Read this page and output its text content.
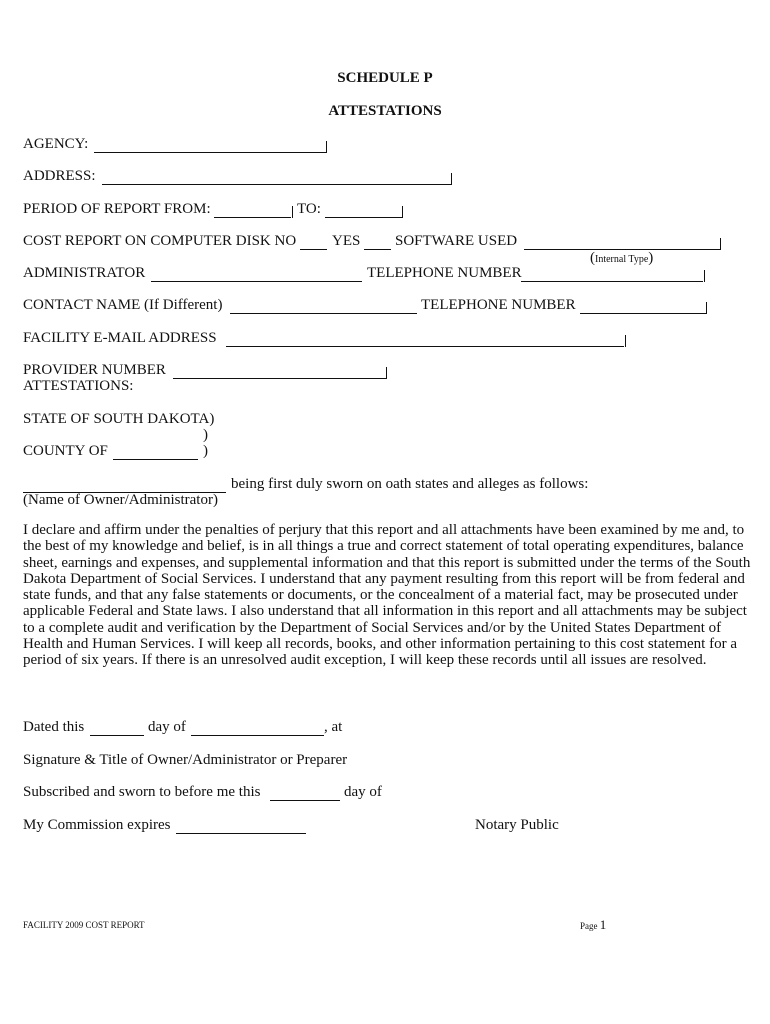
SCHEDULE P
ATTESTATIONS
AGENCY:
ADDRESS:
PERIOD OF REPORT FROM:	TO:
COST REPORT ON COMPUTER DISK NO YES SOFTWARE USED
(Internal Type)
ADMINISTRATOR	TELEPHONE NUMBER
CONTACT NAME (If Different)	TELEPHONE NUMBER
FACILITY E-MAIL ADDRESS
PROVIDER NUMBER
ATTESTATIONS:
STATE OF SOUTH DAKOTA)
)
COUNTY OF	)
being first duly sworn on oath states and alleges as follows:
(Name of Owner/Administrator)
I declare and affirm under the penalties of perjury that this report and all attachments have been examined by me and, to the best of my knowledge and belief, is in all things a true and correct statement of total operating expenditures, balance sheet, earnings and expenses, and supplemental information and that this report is submitted under the terms of the South Dakota Department of Social Services. I understand that any payment resulting from this report will be from federal and state funds, and that any false statements or documents, or the concealment of a material fact, may be prosecuted under applicable Federal and State laws. I also understand that all information in this report and all attachments may be subject to a complete audit and verification by the Department of Social Services and/or by the United States Department of Health and Human Services. I will keep all records, books, and other information pertaining to this cost statement for a period of six years. If there is an unresolved audit exception, I will keep these records until all issues are resolved.
Dated this	day of	, at
Signature & Title of Owner/Administrator or Preparer
Subscribed and sworn to before me this	day of
My Commission expires	Notary Public
FACILITY 2009 COST REPORT	Page 1
